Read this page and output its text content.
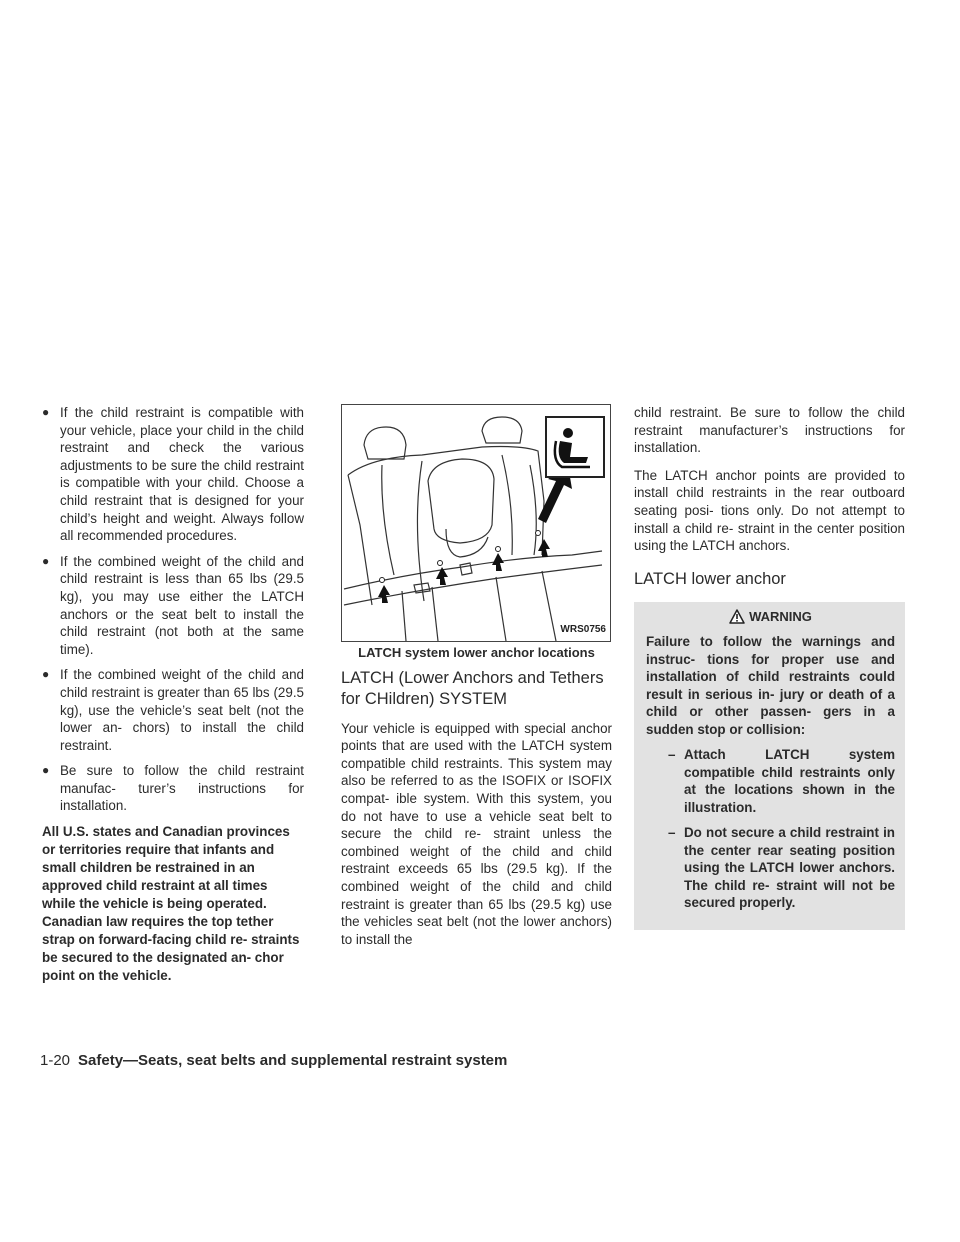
● If the child restraint is compatible with your vehicle, place your child in the child restraint and check the various adjustments to be sure the child restraint is compatible with your child. Choose a child restraint that is designed for your child’s height and weight. Always follow all recommended procedures.
● If the combined weight of the child and child restraint is less than 65 lbs (29.5 kg), you may use either the LATCH anchors or the seat belt to install the child restraint (not both at the same time).
● If the combined weight of the child and child restraint is greater than 65 lbs (29.5 kg), use the vehicle’s seat belt (not the lower an- chors) to install the child restraint.
● Be sure to follow the child restraint manufac- turer’s instructions for installation.

All U.S. states and Canadian provinces or territories require that infants and small children be restrained in an approved child restraint at all times while the vehicle is being operated. Canadian law requires the top tether strap on forward-facing child re- straints be secured to the designated an- chor point on the vehicle.

WRS0756
LATCH system lower anchor locations
LATCH (Lower Anchors and Tethers for CHildren) SYSTEM

Your vehicle is equipped with special anchor points that are used with the LATCH system compatible child restraints. This system may also be referred to as the ISOFIX or ISOFIX compat- ible system. With this system, you do not have to use a vehicle seat belt to secure the child re- straint unless the combined weight of the child and child restraint exceeds 65 lbs (29.5 kg). If the combined weight of the child and child restraint is greater than 65 lbs (29.5 kg) use the vehicles seat belt (not the lower anchors) to install the

child restraint. Be sure to follow the child restraint manufacturer’s instructions for installation.

The LATCH anchor points are provided to install child restraints in the rear outboard seating posi- tions only. Do not attempt to install a child re- straint in the center position using the LATCH anchors.

LATCH lower anchor
WARNING

Failure to follow the warnings and instruc- tions for proper use and installation of child restraints could result in serious in- jury or death of a child or other passen- gers in a sudden stop or collision:

– Attach LATCH system compatible child restraints only at the locations shown in the illustration.
– Do not secure a child restraint in the center rear seating position using the LATCH lower anchors. The child re- straint will not be secured properly.
1-20 Safety—Seats, seat belts and supplemental restraint system
